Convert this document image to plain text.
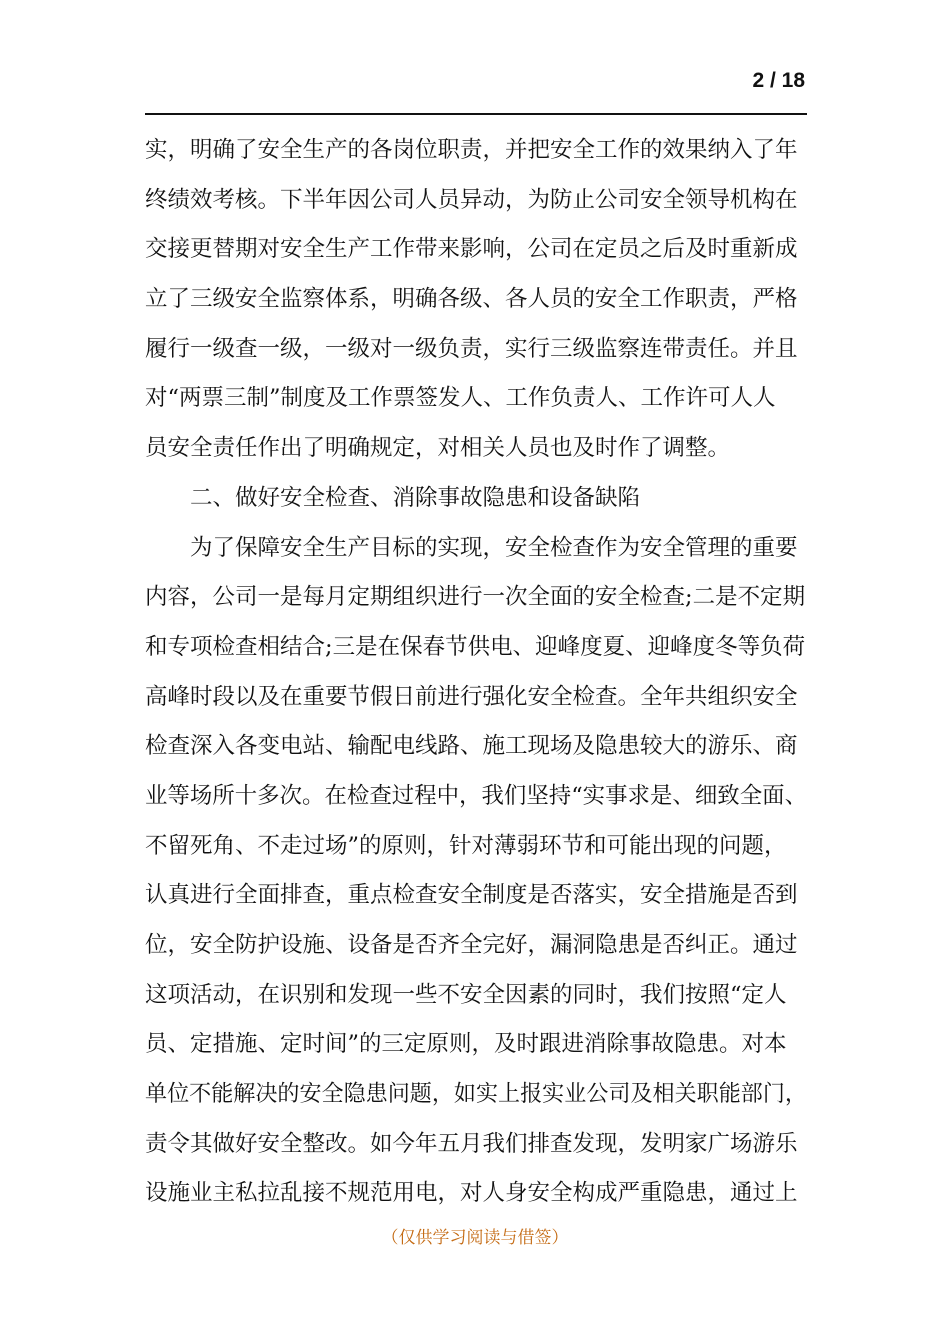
2 / 18
实，明确了安全生产的各岗位职责，并把安全工作的效果纳入了年
终绩效考核。下半年因公司人员异动，为防止公司安全领导机构在
交接更替期对安全生产工作带来影响，公司在定员之后及时重新成
立了三级安全监察体系，明确各级、各人员的安全工作职责，严格
履行一级查一级，一级对一级负责，实行三级监察连带责任。并且
对“两票三制”制度及工作票签发人、工作负责人、工作许可人人
员安全责任作出了明确规定，对相关人员也及时作了调整。
二、做好安全检查、消除事故隐患和设备缺陷
为了保障安全生产目标的实现，安全检查作为安全管理的重要
内容，公司一是每月定期组织进行一次全面的安全检查;二是不定期
和专项检查相结合;三是在保春节供电、迎峰度夏、迎峰度冬等负荷
高峰时段以及在重要节假日前进行强化安全检查。全年共组织安全
检查深入各变电站、输配电线路、施工现场及隐患较大的游乐、商
业等场所十多次。在检查过程中，我们坚持“实事求是、细致全面、
不留死角、不走过场”的原则，针对薄弱环节和可能出现的问题，
认真进行全面排查，重点检查安全制度是否落实，安全措施是否到
位，安全防护设施、设备是否齐全完好，漏洞隐患是否纠正。通过
这项活动，在识别和发现一些不安全因素的同时，我们按照“定人
员、定措施、定时间”的三定原则，及时跟进消除事故隐患。对本
单位不能解决的安全隐患问题，如实上报实业公司及相关职能部门，
责令其做好安全整改。如今年五月我们排查发现，发明家广场游乐
设施业主私拉乱接不规范用电，对人身安全构成严重隐患，通过上
（仅供学习阅读与借签）
